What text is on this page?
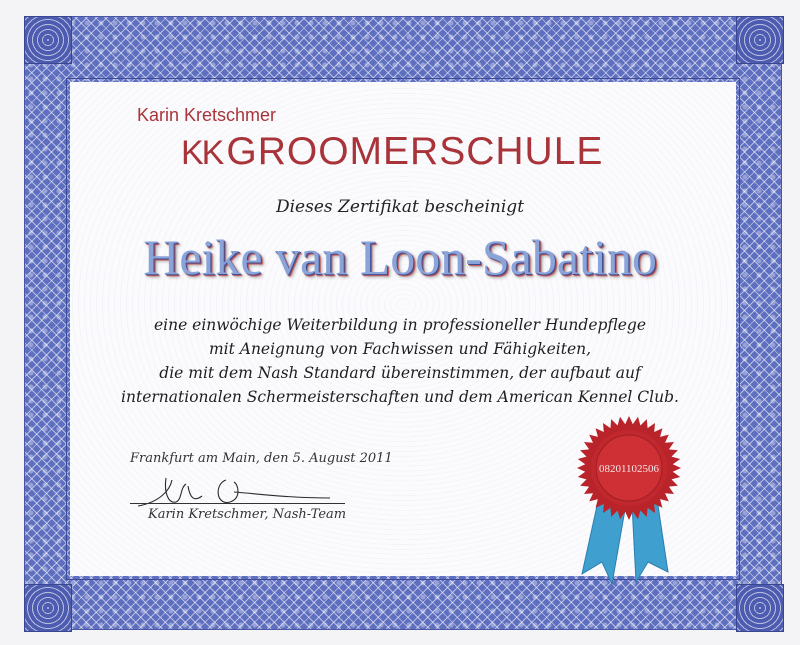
Karin Kretschmer
KK GROOMERSCHULE
Dieses Zertifikat bescheinigt
Heike van Loon-Sabatino
eine einwöchige Weiterbildung in professioneller Hundepflege
mit Aneignung von Fachwissen und Fähigkeiten,
die mit dem Nash Standard übereinstimmen, der aufbaut auf
internationalen Schermeisterschaften und dem American Kennel Club.
Frankfurt am Main, den 5. August 2011
Karin Kretschmer, Nash-Team
08201102506
